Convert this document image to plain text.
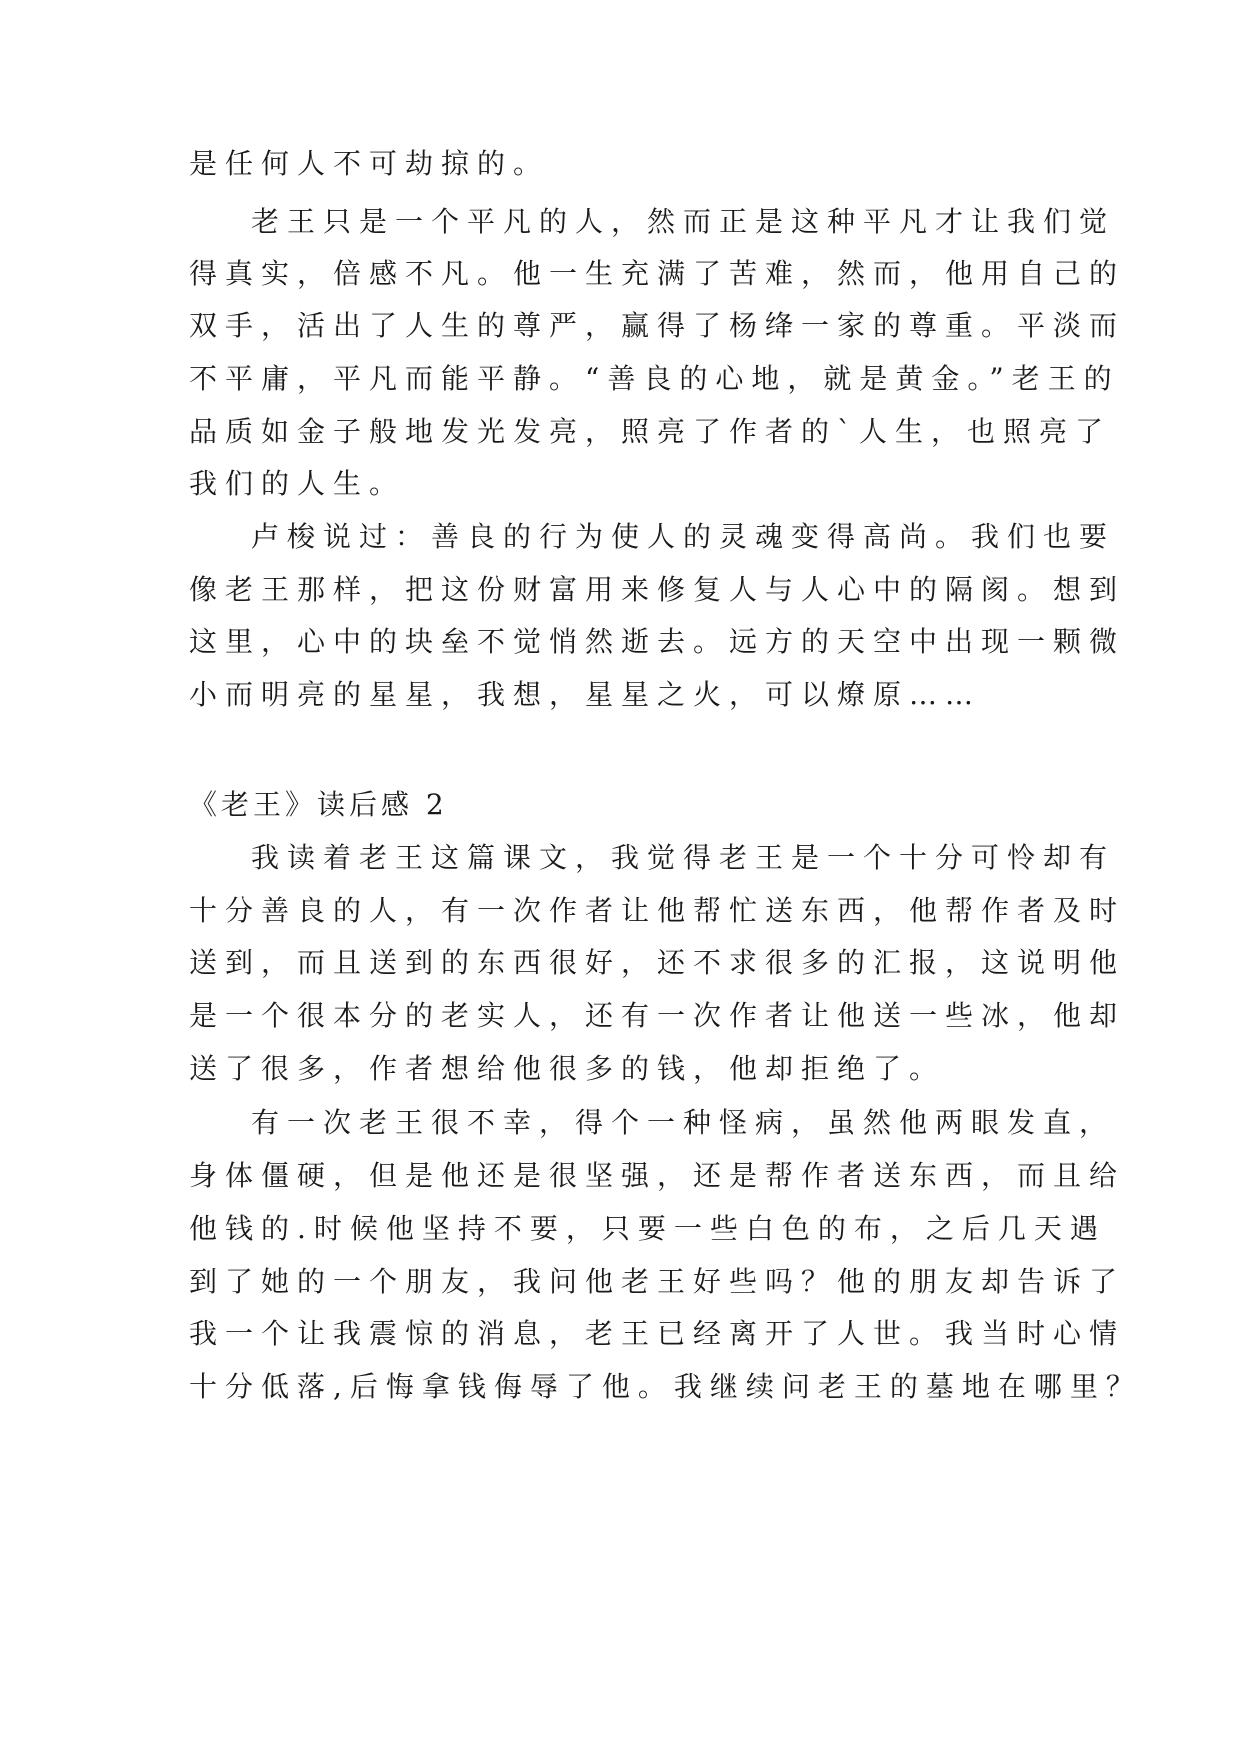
是任何人不可劫掠的。
老王只是一个平凡的人，然而正是这种平凡才让我们觉
得真实，倍感不凡。他一生充满了苦难，然而，他用自己的
双手，活出了人生的尊严，赢得了杨绛一家的尊重。平淡而
不平庸，平凡而能平静。“善良的心地，就是黄金。”老王的
品质如金子般地发光发亮，照亮了作者的`人生，也照亮了
我们的人生。
卢梭说过：善良的行为使人的灵魂变得高尚。我们也要
像老王那样，把这份财富用来修复人与人心中的隔阂。想到
这里，心中的块垒不觉悄然逝去。远方的天空中出现一颗微
小而明亮的星星，我想，星星之火，可以燎原……
《老王》读后感 2
我读着老王这篇课文，我觉得老王是一个十分可怜却有
十分善良的人，有一次作者让他帮忙送东西，他帮作者及时
送到，而且送到的东西很好，还不求很多的汇报，这说明他
是一个很本分的老实人，还有一次作者让他送一些冰，他却
送了很多，作者想给他很多的钱，他却拒绝了。
有一次老王很不幸，得个一种怪病，虽然他两眼发直，
身体僵硬，但是他还是很坚强，还是帮作者送东西，而且给
他钱的.时候他坚持不要，只要一些白色的布，之后几天遇
到了她的一个朋友，我问他老王好些吗？他的朋友却告诉了
我一个让我震惊的消息，老王已经离开了人世。我当时心情
十分低落,后悔拿钱侮辱了他。我继续问老王的墓地在哪里？
